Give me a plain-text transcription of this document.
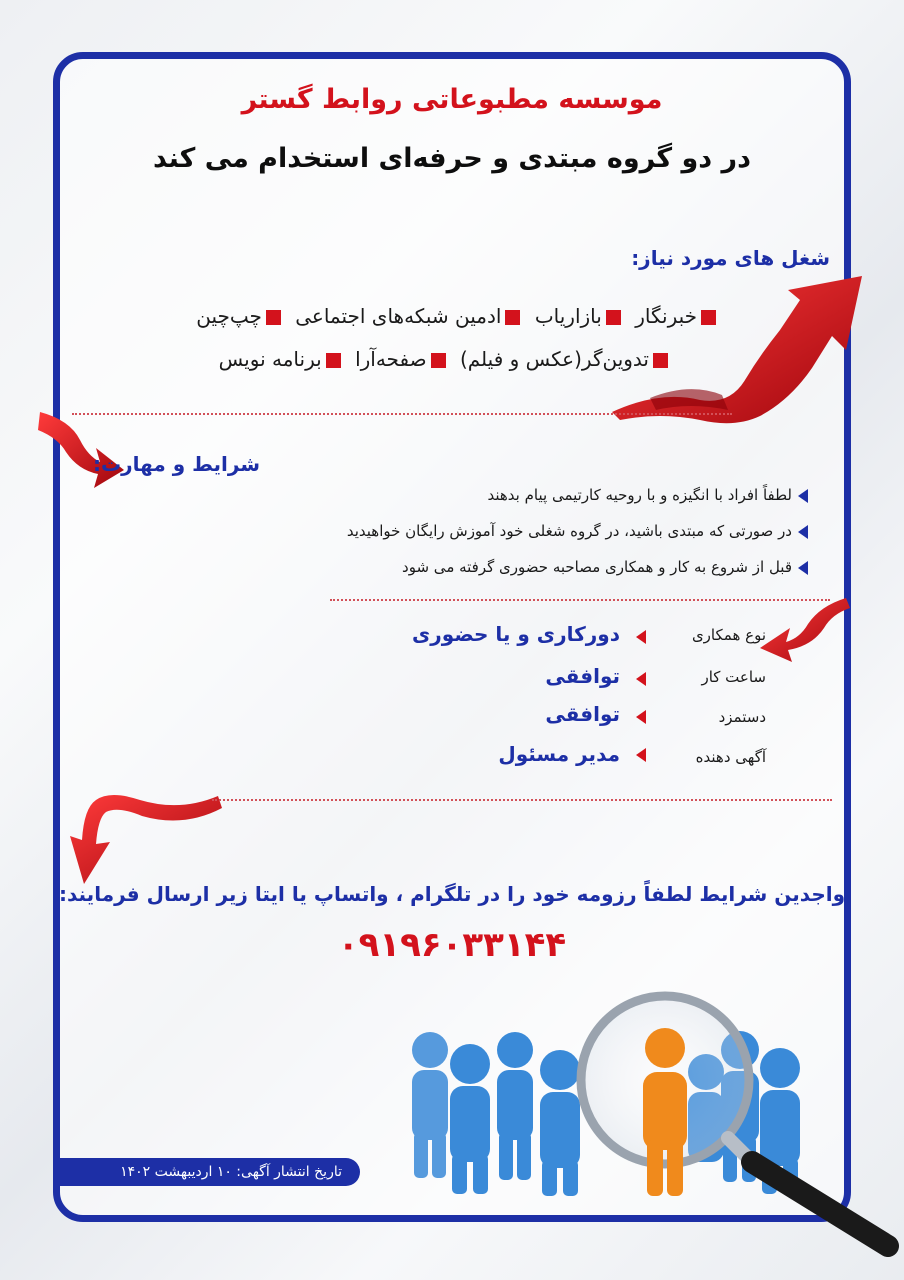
موسسه مطبوعاتی روابط گستر
در دو گروه مبتدی و حرفه‌ای استخدام می کند
شغل های مورد نیاز:
خبرنگار بازاریاب ادمین شبکه‌های اجتماعی چپ‌چین
تدوین‌گر(عکس و فیلم) صفحه‌آرا برنامه نویس
شرایط و مهارت:
لطفاً افراد با انگیزه و با روحیه کارتیمی پیام بدهند
در صورتی که مبتدی باشید، در گروه شغلی خود آموزش رایگان خواهیدید
قبل از شروع به کار و همکاری مصاحبه حضوری گرفته می شود
نوع همکاری
دورکاری و یا حضوری
ساعت کار
توافقی
دستمزد
توافقی
آگهی دهنده
مدیر مسئول
واجدین شرایط لطفاً رزومه خود را در تلگرام ، واتساپ یا ایتا زیر ارسال فرمایند:
۰۹۱۹۶۰۳۳۱۴۴
تاریخ انتشار آگهی: ۱۰ اردیبهشت ۱۴۰۲
